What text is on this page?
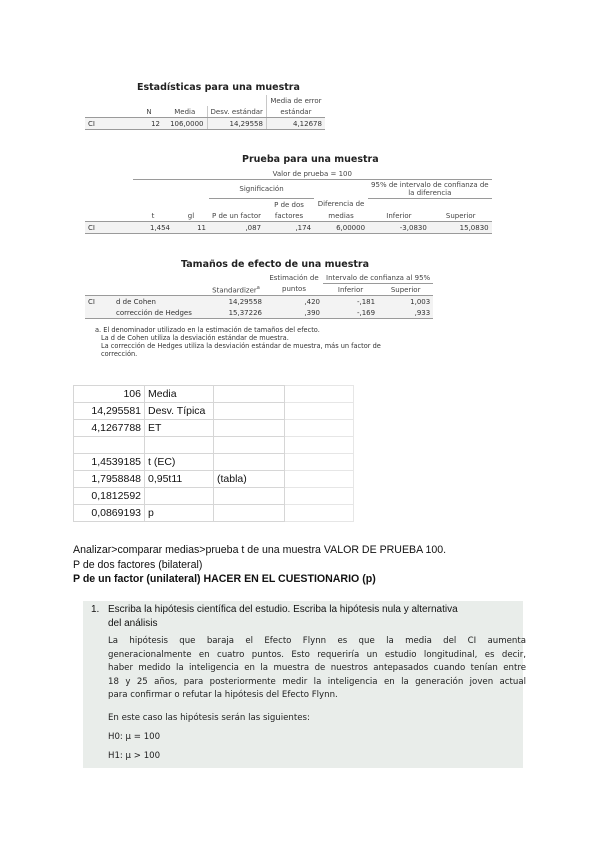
Estadísticas para una muestra
				Media de error
	N	Media	Desv. estándar	estándar
CI	12	106,0000	14,29558	4,12678
Prueba para una muestra
	Valor de prueba = 100						
			Significación			95% de intervalo de confianza de
la diferencia	
				P de dos	Diferencia de		
	t	gl	P de un factor	factores	medias	Inferior	Superior
CI	1,454	11	,087	,174	6,00000	-3,0830	15,0830
Tamaños de efecto de una muestra
			Estimación de	Intervalo de confianza al 95%	
		Standardizer$^a$	puntos	Inferior	Superior
CI	d de Cohen	14,29558	,420	-,181	1,003
	corrección de Hedges	15,37226	,390	-,169	,933
a. El denominador utilizado en la estimación de tamaños del efecto.
La d de Cohen utiliza la desviación estándar de muestra.
La corrección de Hedges utiliza la desviación estándar de muestra, más un factor de
corrección.
106	Media		
14,295581	Desv. Típica		
4,1267788	ET		

1,4539185	t (EC)		
1,7958848	0,95t11	(tabla)	
0,1812592			
0,0869193	p		
Analizar>comparar medias>prueba t de una muestra VALOR DE PRUEBA 100.
P de dos factores (bilateral)
P de un factor (unilateral) HACER EN EL CUESTIONARIO (p)
1. Escriba la hipótesis científica del estudio. Escriba la hipótesis nula y alternativa
del análisis
La hipótesis que baraja el Efecto Flynn es que la media del CI aumenta
generacionalmente en cuatro puntos. Esto requeriría un estudio longitudinal, es decir,
haber medido la inteligencia en la muestra de nuestros antepasados cuando tenían entre
18 y 25 años, para posteriormente medir la inteligencia en la generación joven actual
para confirmar o refutar la hipótesis del Efecto Flynn.
En este caso las hipótesis serán las siguientes:
H0: μ = 100
H1: μ > 100
